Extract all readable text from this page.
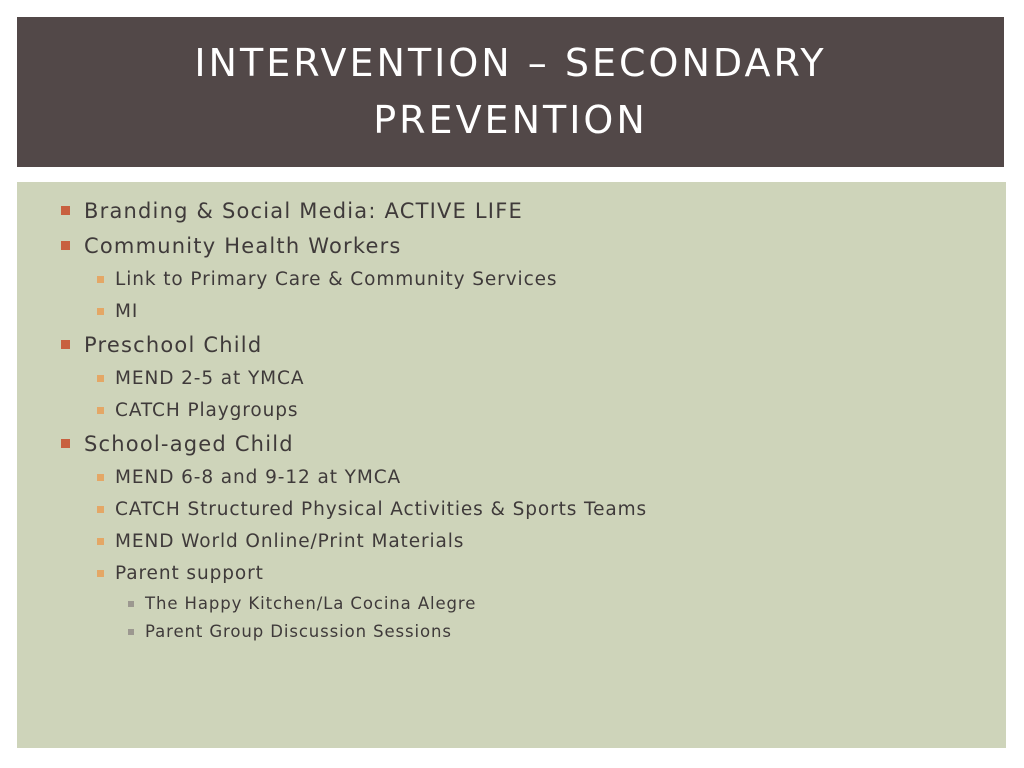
INTERVENTION – SECONDARY PREVENTION
Branding & Social Media: ACTIVE LIFE
Community Health Workers
Link to Primary Care & Community Services
MI
Preschool Child
MEND 2-5 at YMCA
CATCH Playgroups
School-aged Child
MEND 6-8 and 9-12 at YMCA
CATCH Structured Physical Activities & Sports Teams
MEND World Online/Print Materials
Parent support
The Happy Kitchen/La Cocina Alegre
Parent Group Discussion Sessions
